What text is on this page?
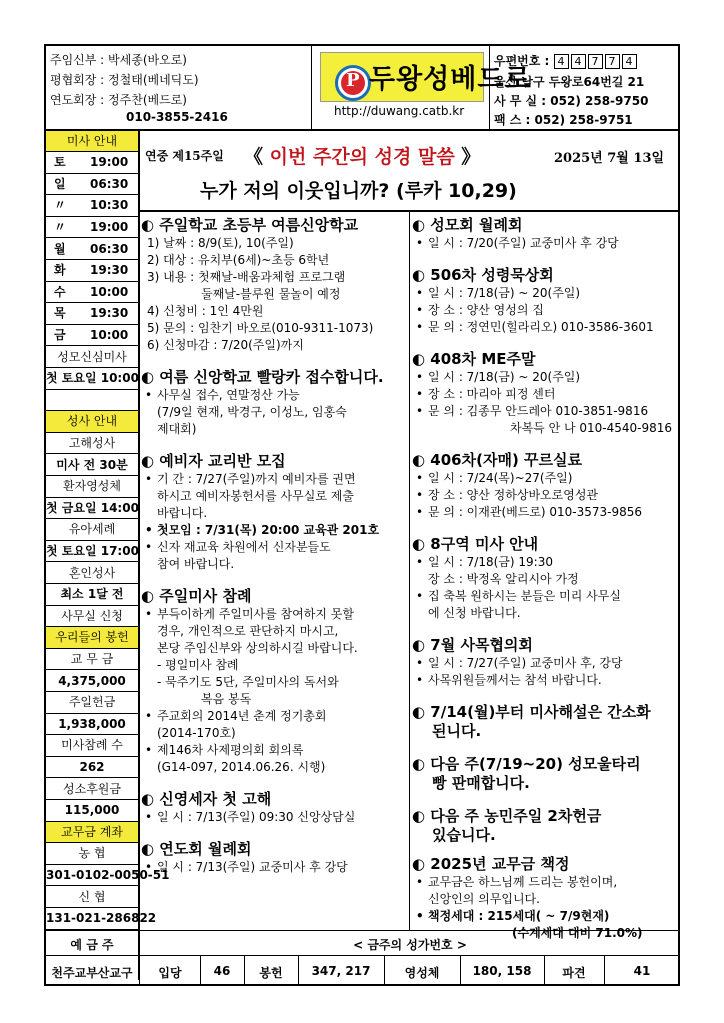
주임신부 : 박세종(바오로)
평협회장 : 정철태(베네딕도)
연도회장 : 정주찬(베드로)
010-3855-2416
P 두왕성베드로
http://duwang.catb.kr
우편번호 : 4 4 7 7 4
울산 남구 두왕로64번길 21
사 무 실 : 052) 258-9750
팩 스 : 052) 258-9751
미사 안내
토 19:00
일 06:30
〃 10:30
〃 19:00
월 06:30
화 19:30
수 10:00
목 19:30
금 10:00
성모신심미사
첫 토요일 10:00
성사 안내
고해성사
미사 전 30분
환자영성체
첫 금요일 14:00
유아세례
첫 토요일 17:00
혼인성사
최소 1달 전
사무실 신청
우리들의 봉헌
교 무 금
4,375,000
주일헌금
1,938,000
미사참례 수
262
성소후원금
115,000
교무금 계좌
농 협
301-0102-0050-51
신 협
131-021-286822
연중 제15주일 《 이번 주간의 성경 말씀 》	2025년 7월 13일
누가 저의 이웃입니까? (루카 10,29)
◐ 주일학교 초등부 여름신앙학교
1) 날짜 : 8/9(토), 10(주일)
2) 대상 : 유치부(6세)~초등 6학년
3) 내용 : 첫째날-배움과체험 프로그램
둘째날-블루원 물놀이 예정
4) 신청비 : 1인 4만원
5) 문의 : 임찬기 바오로(010-9311-1073)
6) 신청마감 : 7/20(주일)까지
◐ 여름 신앙학교 빨랑카 접수합니다.
• 사무실 접수, 연말정산 가능
(7/9일 현재, 박경구, 이성노, 임홍숙
제대회)
◐ 예비자 교리반 모집
• 기 간 : 7/27(주일)까지 예비자를 권면
하시고 예비자봉헌서를 사무실로 제출
바랍니다.
• 첫모임 : 7/31(목) 20:00 교육관 201호
• 신자 재교육 차원에서 신자분들도
참여 바랍니다.
◐ 주일미사 참례
• 부득이하게 주일미사를 참여하지 못할
경우, 개인적으로 판단하지 마시고,
본당 주임신부와 상의하시길 바랍니다.
- 평일미사 참례
- 묵주기도 5단, 주일미사의 독서와
복음 봉독
• 주교회의 2014년 춘계 정기총회
(2014-170호)
• 제146차 사제평의회 회의록
(G14-097, 2014.06.26. 시행)
◐ 신영세자 첫 고해
• 일 시 : 7/13(주일) 09:30 신앙상담실
◐ 연도회 월례회
• 일 시 : 7/13(주일) 교중미사 후 강당
◐ 성모회 월례회
• 일 시 : 7/20(주일) 교중미사 후 강당
◐ 506차 성령묵상회
• 일 시 : 7/18(금) ~ 20(주일)
• 장 소 : 양산 영성의 집
• 문 의 : 정연민(힐라리오) 010-3586-3601
◐ 408차 ME주말
• 일 시 : 7/18(금) ~ 20(주일)
• 장 소 : 마리아 피정 센터
• 문 의 : 김종무 안드레아 010-3851-9816
차복득 안 나 010-4540-9816
◐ 406차(자매) 꾸르실료
• 일 시 : 7/24(목)~27(주일)
• 장 소 : 양산 정하상바오로영성관
• 문 의 : 이재관(베드로) 010-3573-9856
◐ 8구역 미사 안내
• 일 시 : 7/18(금) 19:30
장 소 : 박정옥 알리시아 가정
• 집 축복 원하시는 분들은 미리 사무실
에 신청 바랍니다.
◐ 7월 사목협의회
• 일 시 : 7/27(주일) 교중미사 후, 강당
• 사목위원들께서는 참석 바랍니다.
◐ 7/14(월)부터 미사해설은 간소화
된니다.
◐ 다음 주(7/19~20) 성모울타리
빵 판매합니다.
◐ 다음 주 농민주일 2차헌금
있습니다.
◐ 2025년 교무금 책정
• 교무금은 하느님께 드리는 봉헌이며,
신앙인의 의무입니다.
• 책정세대 : 215세대( ~ 7/9현재)
(수계세대 대비 71.0%)
예 금 주	< 금주의 성가번호 >
천주교부산교구	입당	46	봉헌	347, 217	영성체	180, 158	파견	41
